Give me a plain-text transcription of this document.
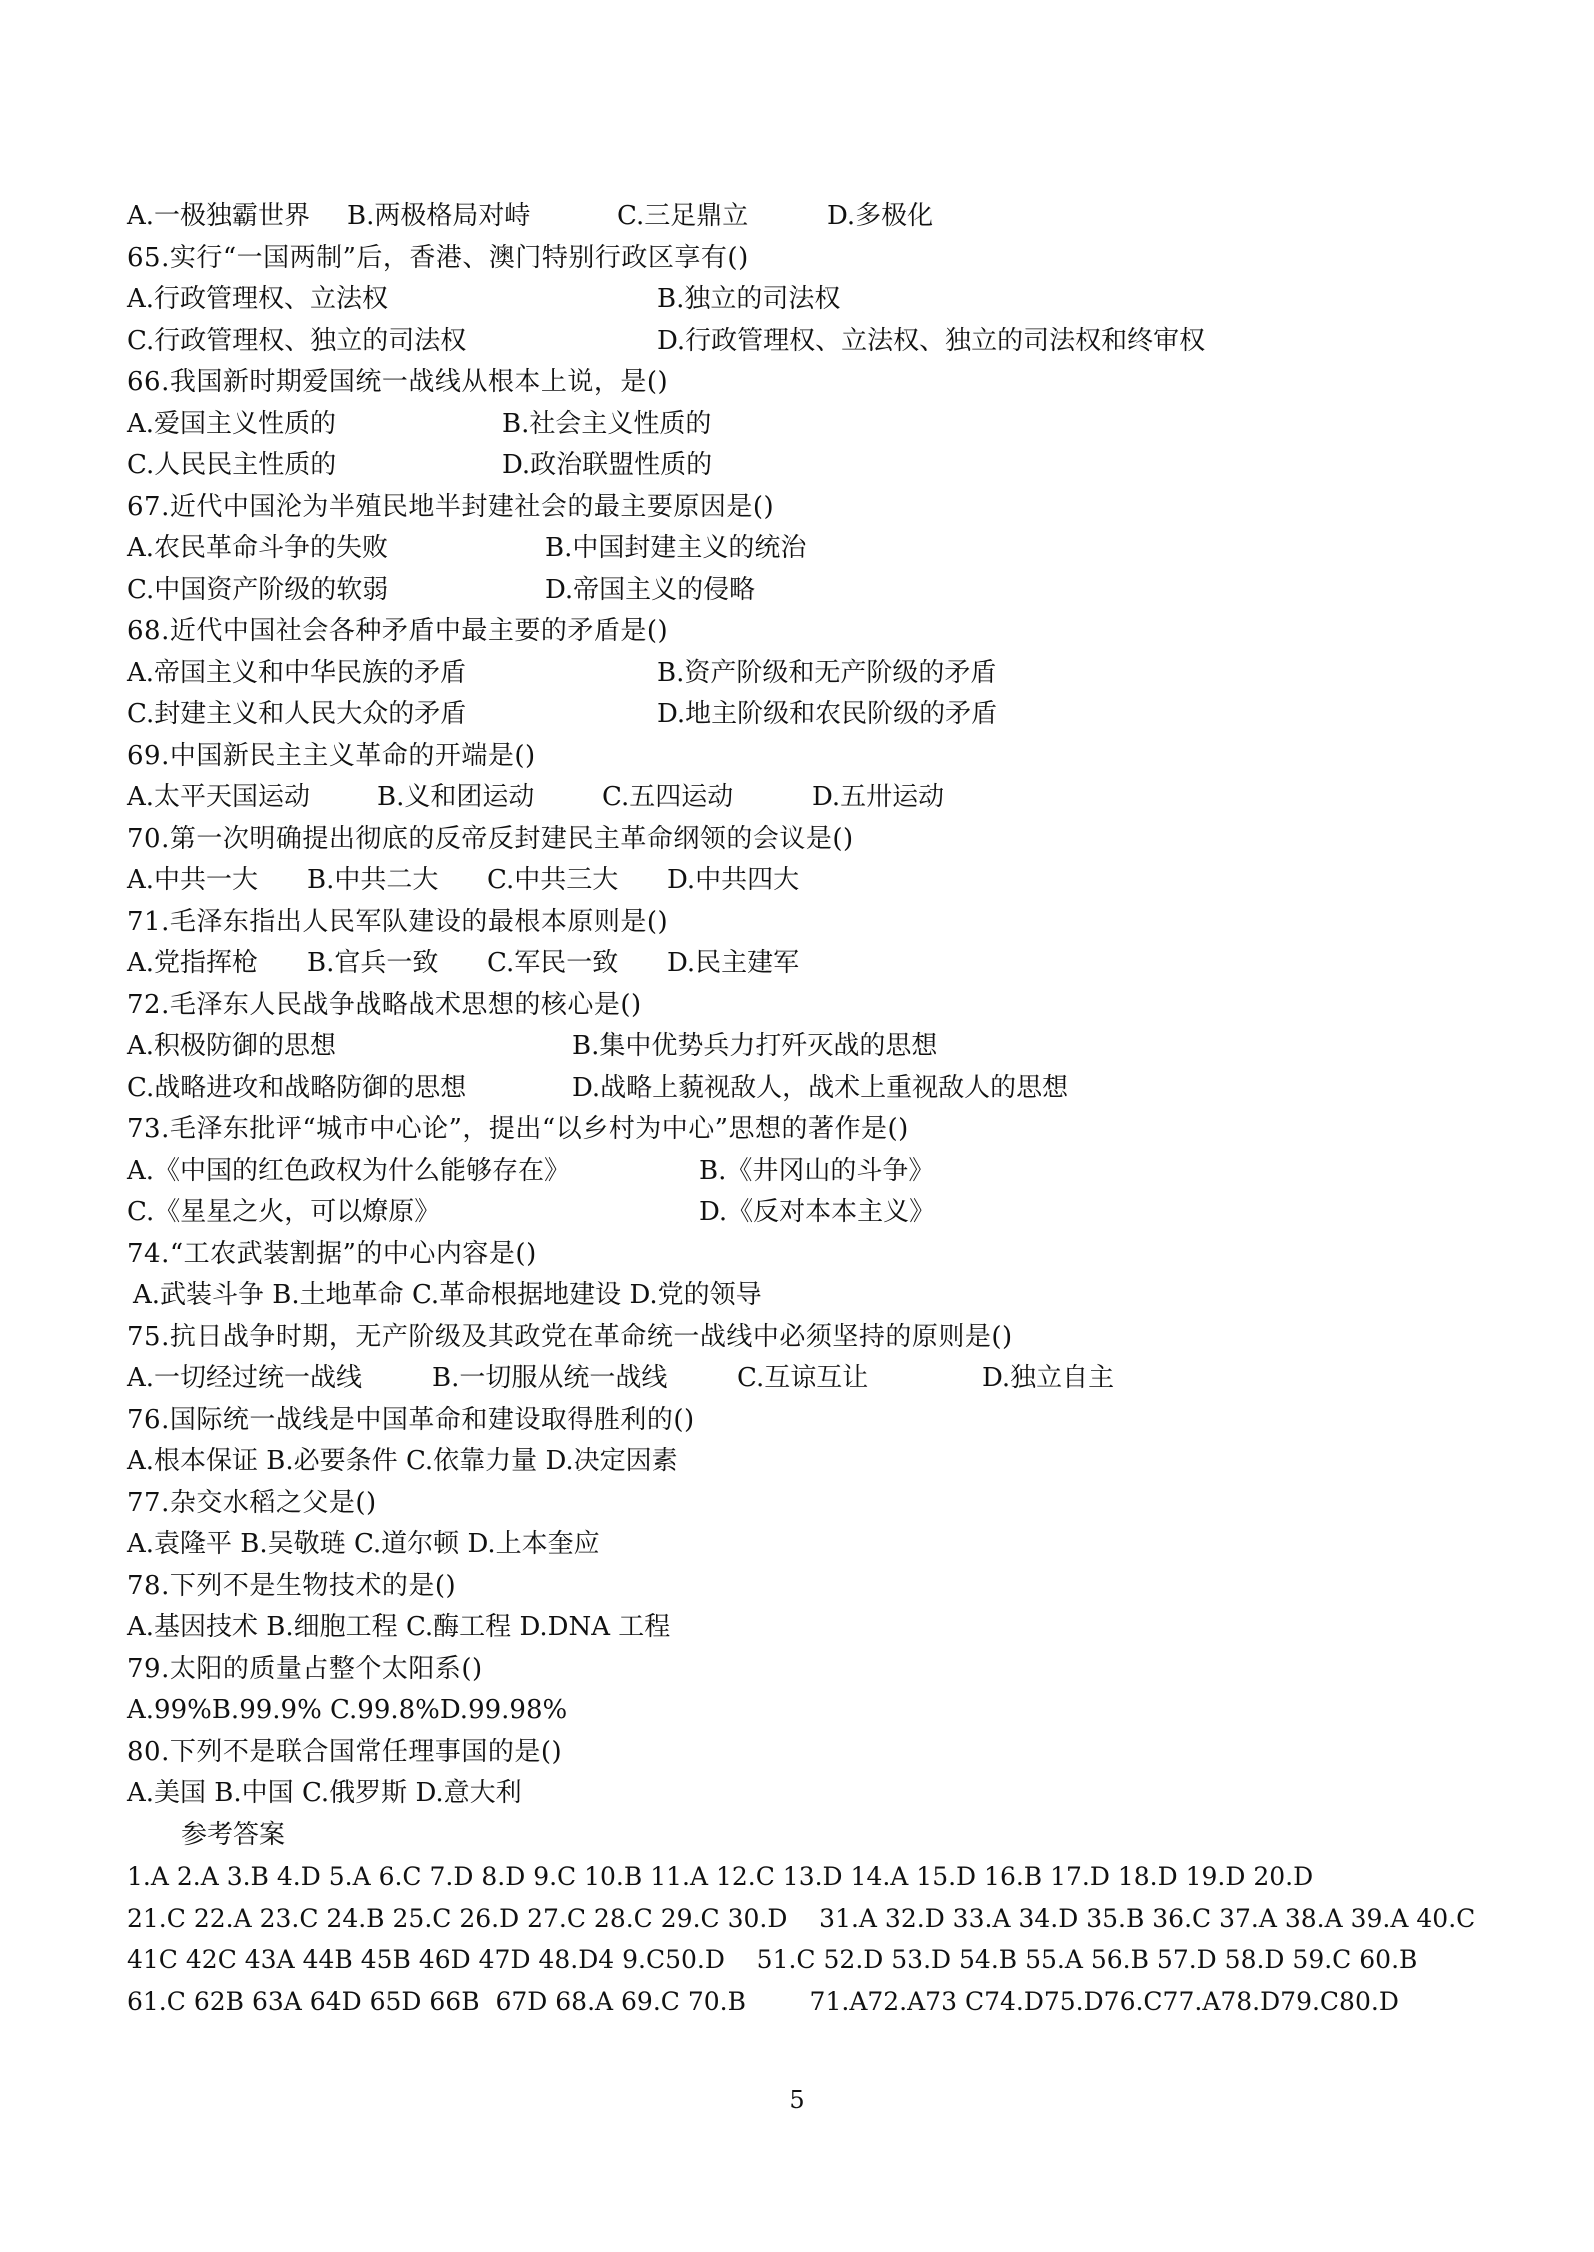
A.一极独霸世界 B.两极格局对峙	C.三足鼎立	D.多极化
65.实行“一国两制”后，香港、澳门特别行政区享有()
A.行政管理权、立法权	B.独立的司法权
C.行政管理权、独立的司法权	D.行政管理权、立法权、独立的司法权和终审权
66.我国新时期爱国统一战线从根本上说，是()
A.爱国主义性质的	B.社会主义性质的
C.人民民主性质的	D.政治联盟性质的
67.近代中国沦为半殖民地半封建社会的最主要原因是()
A.农民革命斗争的失败	B.中国封建主义的统治
C.中国资产阶级的软弱	D.帝国主义的侵略
68.近代中国社会各种矛盾中最主要的矛盾是()
A.帝国主义和中华民族的矛盾	B.资产阶级和无产阶级的矛盾
C.封建主义和人民大众的矛盾	D.地主阶级和农民阶级的矛盾
69.中国新民主主义革命的开端是()
A.太平天国运动	B.义和团运动	C.五四运动	D.五卅运动
70.第一次明确提出彻底的反帝反封建民主革命纲领的会议是()
A.中共一大 B.中共二大 C.中共三大 D.中共四大
71.毛泽东指出人民军队建设的最根本原则是()
A.党指挥枪 B.官兵一致 C.军民一致 D.民主建军
72.毛泽东人民战争战略战术思想的核心是()
A.积极防御的思想	B.集中优势兵力打歼灭战的思想
C.战略进攻和战略防御的思想	D.战略上藐视敌人，战术上重视敌人的思想
73.毛泽东批评“城市中心论”，提出“以乡村为中心”思想的著作是()
A.《中国的红色政权为什么能够存在》	B.《井冈山的斗争》
C.《星星之火，可以燎原》	D.《反对本本主义》
74.“工农武装割据”的中心内容是()
A.武装斗争 B.土地革命 C.革命根据地建设 D.党的领导
75.抗日战争时期，无产阶级及其政党在革命统一战线中必须坚持的原则是()
A.一切经过统一战线	B.一切服从统一战线	C.互谅互让	D.独立自主
76.国际统一战线是中国革命和建设取得胜利的()
A.根本保证 B.必要条件 C.依靠力量 D.决定因素
77.杂交水稻之父是()
A.袁隆平 B.吴敬琏 C.道尔顿 D.上本奎应
78.下列不是生物技术的是()
A.基因技术 B.细胞工程 C.酶工程 D.DNA 工程
79.太阳的质量占整个太阳系()
A.99%B.99.9% C.99.8%D.99.98%
80.下列不是联合国常任理事国的是()
A.美国 B.中国 C.俄罗斯 D.意大利
参考答案
1.A 2.A 3.B 4.D 5.A 6.C 7.D 8.D 9.C 10.B 11.A 12.C 13.D 14.A 15.D 16.B 17.D 18.D 19.D 20.D
21.C 22.A 23.C 24.B 25.C 26.D 27.C 28.C 29.C 30.D    31.A 32.D 33.A 34.D 35.B 36.C 37.A 38.A 39.A 40.C
41C 42C 43A 44B 45B 46D 47D 48.D4 9.C50.D    51.C 52.D 53.D 54.B 55.A 56.B 57.D 58.D 59.C 60.B
61.C 62B 63A 64D 65D 66B  67D 68.A 69.C 70.B        71.A72.A73 C74.D75.D76.C77.A78.D79.C80.D
5
